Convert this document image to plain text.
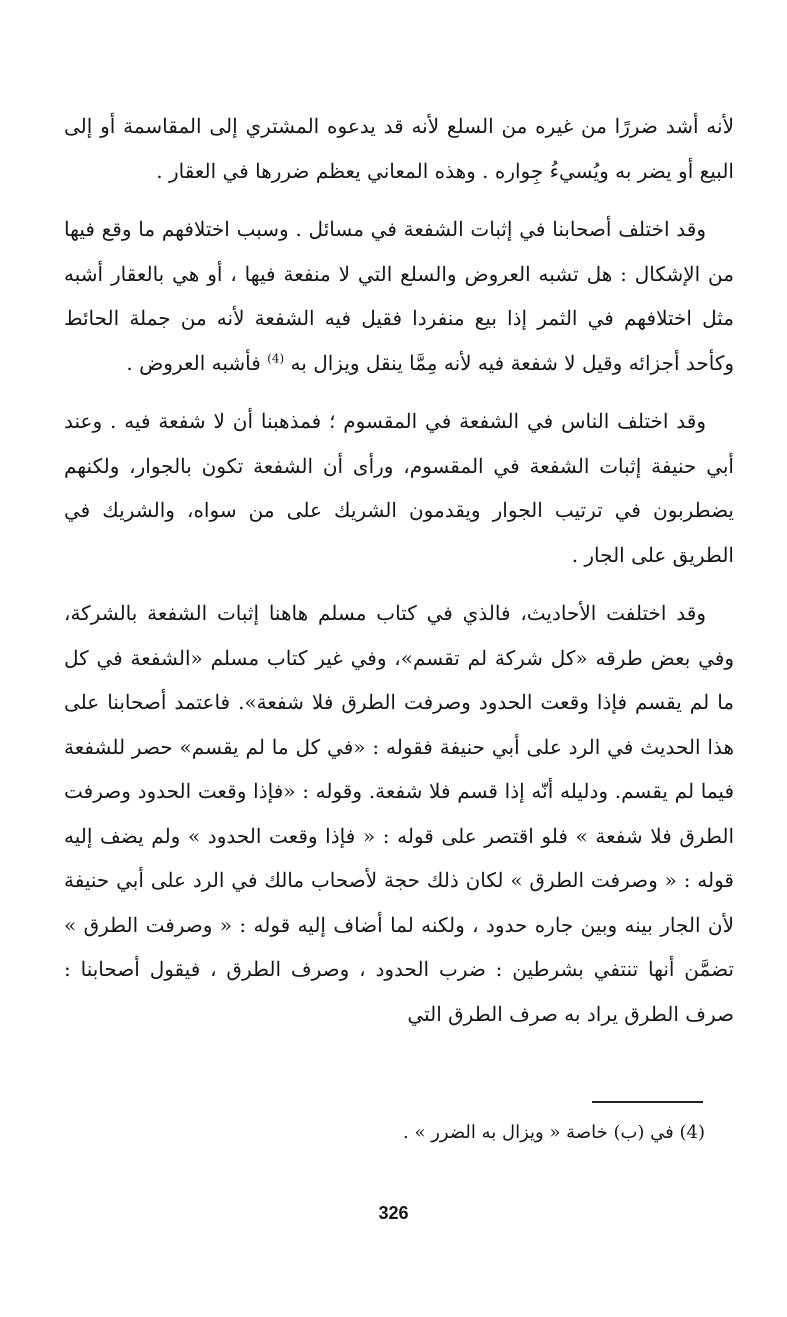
لأنه أشد ضررًا من غيره من السلع لأنه قد يدعوه المشتري إلى المقاسمة أو إلى البيع أو يضر به ويُسيءُ جِواره . وهذه المعاني يعظم ضررها في العقار .

وقد اختلف أصحابنا في إثبات الشفعة في مسائل . وسبب اختلافهم ما وقع فيها من الإشكال : هل تشبه العروض والسلع التي لا منفعة فيها ، أو هي بالعقار أشبه مثل اختلافهم في الثمر إذا بيع منفردا فقيل فيه الشفعة لأنه من جملة الحائط وكأحد أجزائه وقيل لا شفعة فيه لأنه مِمَّا ينقل ويزال به $^{(4)}$ فأشبه العروض .

وقد اختلف الناس في الشفعة في المقسوم ؛ فمذهبنا أن لا شفعة فيه . وعند أبي حنيفة إثبات الشفعة في المقسوم، ورأى أن الشفعة تكون بالجوار، ولكنهم يضطربون في ترتيب الجوار ويقدمون الشريك على من سواه، والشريك في الطريق على الجار .

وقد اختلفت الأحاديث، فالذي في كتاب مسلم هاهنا إثبات الشفعة بالشركة، وفي بعض طرقه «كل شركة لم تقسم»، وفي غير كتاب مسلم «الشفعة في كل ما لم يقسم فإذا وقعت الحدود وصرفت الطرق فلا شفعة». فاعتمد أصحابنا على هذا الحديث في الرد على أبي حنيفة فقوله : «في كل ما لم يقسم» حصر للشفعة فيما لم يقسم. ودليله أنّه إذا قسم فلا شفعة. وقوله : «فإذا وقعت الحدود وصرفت الطرق فلا شفعة » فلو اقتصر على قوله : « فإذا وقعت الحدود » ولم يضف إليه قوله : « وصرفت الطرق » لكان ذلك حجة لأصحاب مالك في الرد على أبي حنيفة لأن الجار بينه وبين جاره حدود ، ولكنه لما أضاف إليه قوله : « وصرفت الطرق » تضمَّن أنها تنتفي بشرطين : ضرب الحدود ، وصرف الطرق ، فيقول أصحابنا : صرف الطرق يراد به صرف الطرق التي

(4) في (ب) خاصة « ويزال به الضرر » .
326
